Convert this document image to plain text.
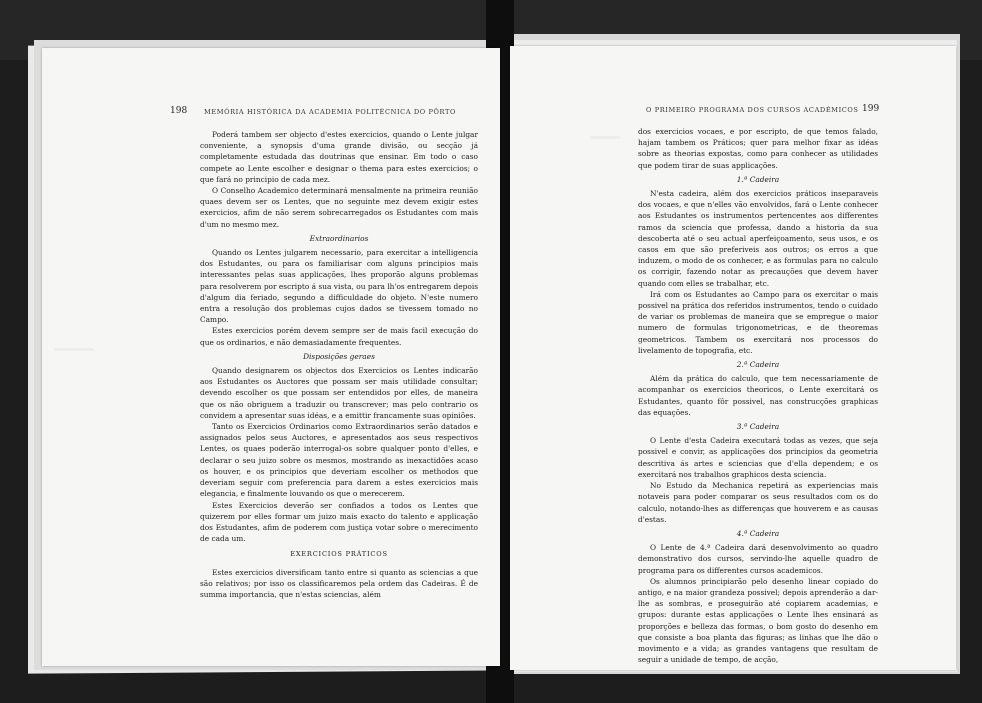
198	MEMÓRIA HISTÓRICA DA ACADEMIA POLITÉCNICA DO PÔRTO

Poderá tambem ser objecto d'estes exercicios, quando o Lente julgar conveniente, a synopsis d'uma grande divisão, ou secção já completamente estudada das doutrinas que ensinar. Em todo o caso compete ao Lente escolher e designar o thema para estes exercicios; o que fará no principio de cada mez.

O Conselho Academico determinará mensalmente na primeira reunião quaes devem ser os Lentes, que no seguinte mez devem exigir estes exercicios, afim de não serem sobrecarregados os Estudantes com mais d'um no mesmo mez.

Extraordinarios

Quando os Lentes julgarem necessario, para exercitar a intelligencia dos Estudantes, ou para os familiarisar com alguns principios mais interessantes pelas suas applicações, lhes proporão alguns problemas para resolverem por escripto á sua vista, ou para lh'os entregarem depois d'algum dia feriado, segundo a difficuldade do objeto. N'este numero entra a resolução dos problemas cujos dados se tivessem tomado no Campo.

Estes exercicios porém devem sempre ser de mais facil execução do que os ordinarios, e não demasiadamente frequentes.

Disposições geraes

Quando designarem os objectos dos Exercicios os Lentes indicarão aos Estudantes os Auctores que possam ser mais utilidade consultar; devendo escolher os que possam ser entendidos por elles, de maneira que os não obriguem a traduzir ou transcrever; mas pelo contrario os convidem a apresentar suas idéas, e a emittir francamente suas opiniões.

Tanto os Exercicios Ordinarios como Extraordinarios serão datados e assignados pelos seus Auctores, e apresentados aos seus respectivos Lentes, os quaes poderão interrogal-os sobre qualquer ponto d'elles, e declarar o seu juizo sobre os mesmos, mostrando as inexactidões acaso os houver, e os principios que deveriam escolher os methodos que deveriam seguir com preferencia para darem a estes exercicios mais elegancia, e finalmente louvando os que o merecerem.

Estes Exercicios deverão ser confiados a todos os Lentes que quizerem por elles formar um juizo mais exacto do talento e applicação dos Estudantes, afim de poderem com justiça votar sobre o merecimento de cada um.

EXERCICIOS PRÁTICOS

Estes exercicios diversificam tanto entre si quanto as sciencias a que são relativos; por isso os classificaremos pela ordem das Cadeiras. É de summa importancia, que n'estas sciencias, além

O PRIMEIRO PROGRAMA DOS CURSOS ACADÉMICOS 199

dos exercicios vocaes, e por escripto, de que temos falado, hajam tambem os Práticos; quer para melhor fixar as idéas sobre as theorias expostas, como para conhecer as utilidades que podem tirar de suas applicações.

1.ª Cadeira

N'esta cadeira, além dos exercicios práticos inseparaveis dos vocaes, e que n'elles vão envolvidos, fará o Lente conhecer aos Estudantes os instrumentos pertencentes aos differentes ramos da sciencia que professa, dando a historia da sua descoberta até o seu actual aperfeiçoamento, seus usos, e os casos em que são preferiveis aos outros; os erros a que induzem, o modo de os conhecer, e as formulas para no calculo os corrigir, fazendo notar as precauções que devem haver quando com elles se trabalhar, etc.

Irá com os Estudantes ao Campo para os exercitar o mais possivel na prática dos referidos instrumentos, tendo o cuidado de variar os problemas de maneira que se empregue o maior numero de formulas trigonometricas, e de theoremas geometricos. Tambem os exercitará nos processos do livelamento de topografia, etc.

2.ª Cadeira

Além da prática do calculo, que tem necessariamente de acompanhar os exercicios theoricos, o Lente exercitará os Estudantes, quanto fôr possivel, nas construcções graphicas das equações.

3.ª Cadeira

O Lente d'esta Cadeira executará todas as vezes, que seja possivel e convir, as applicações dos principios da geometria descritiva ás artes e sciencias que d'ella dependem; e os exercitará nos trabalhos graphicos desta sciencia.

No Estudo da Mechanica repetirá as experiencias mais notaveis para poder comparar os seus resultados com os do calculo, notando-lhes as differenças que houverem e as causas d'estas.

4.ª Cadeira

O Lente de 4.ª Cadeira dará desenvolvimento ao quadro demonstrativo dos cursos, servindo-lhe aquelle quadro de programa para os differentes cursos academicos.

Os alumnos principiarão pelo desenho linear copiado do antigo, e na maior grandeza possivel; depois aprenderão a dar-lhe as sombras, e proseguirão até copiarem academias, e grupos: durante estas applicações o Lente lhes ensinará as proporções e belleza das formas, o bom gosto do desenho em que consiste a boa planta das figuras; as linhas que lhe dão o movimento e a vida; as grandes vantagens que resultam de seguir a unidade de tempo, de acção,
